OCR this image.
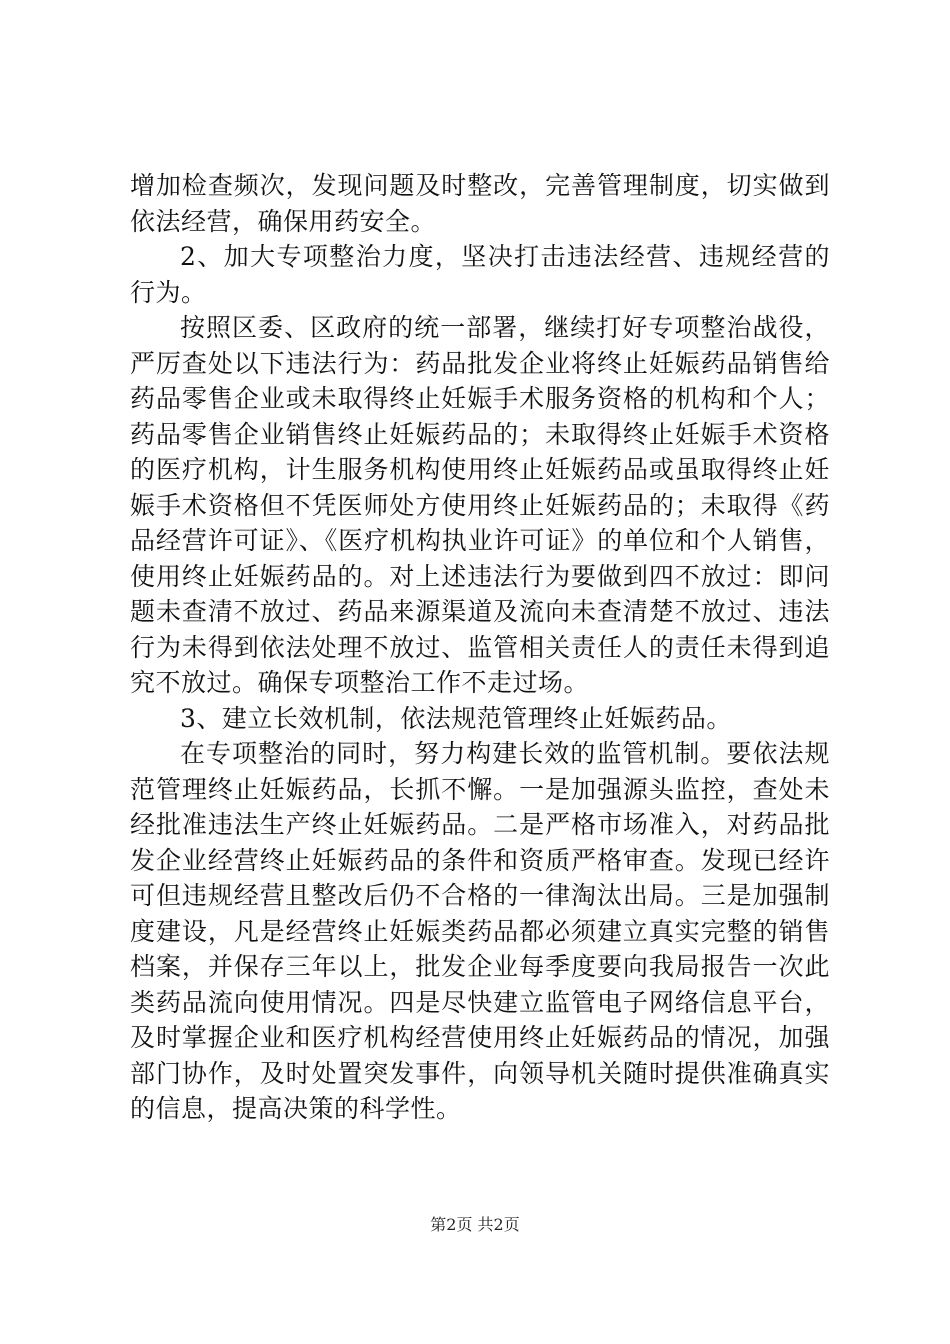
增加检查频次，发现问题及时整改，完善管理制度，切实做到依法经营，确保用药安全。

2、加大专项整治力度，坚决打击违法经营、违规经营的行为。

按照区委、区政府的统一部署，继续打好专项整治战役，严厉查处以下违法行为：药品批发企业将终止妊娠药品销售给药品零售企业或未取得终止妊娠手术服务资格的机构和个人；药品零售企业销售终止妊娠药品的；未取得终止妊娠手术资格的医疗机构，计生服务机构使用终止妊娠药品或虽取得终止妊娠手术资格但不凭医师处方使用终止妊娠药品的；未取得《药品经营许可证》、《医疗机构执业许可证》的单位和个人销售，使用终止妊娠药品的。对上述违法行为要做到四不放过：即问题未查清不放过、药品来源渠道及流向未查清楚不放过、违法行为未得到依法处理不放过、监管相关责任人的责任未得到追究不放过。确保专项整治工作不走过场。

3、建立长效机制，依法规范管理终止妊娠药品。

在专项整治的同时，努力构建长效的监管机制。要依法规范管理终止妊娠药品，长抓不懈。一是加强源头监控，查处未经批准违法生产终止妊娠药品。二是严格市场准入，对药品批发企业经营终止妊娠药品的条件和资质严格审查。发现已经许可但违规经营且整改后仍不合格的一律淘汰出局。三是加强制度建设，凡是经营终止妊娠类药品都必须建立真实完整的销售档案，并保存三年以上，批发企业每季度要向我局报告一次此类药品流向使用情况。四是尽快建立监管电子网络信息平台，及时掌握企业和医疗机构经营使用终止妊娠药品的情况，加强部门协作，及时处置突发事件，向领导机关随时提供准确真实的信息，提高决策的科学性。

第2页 共2页
